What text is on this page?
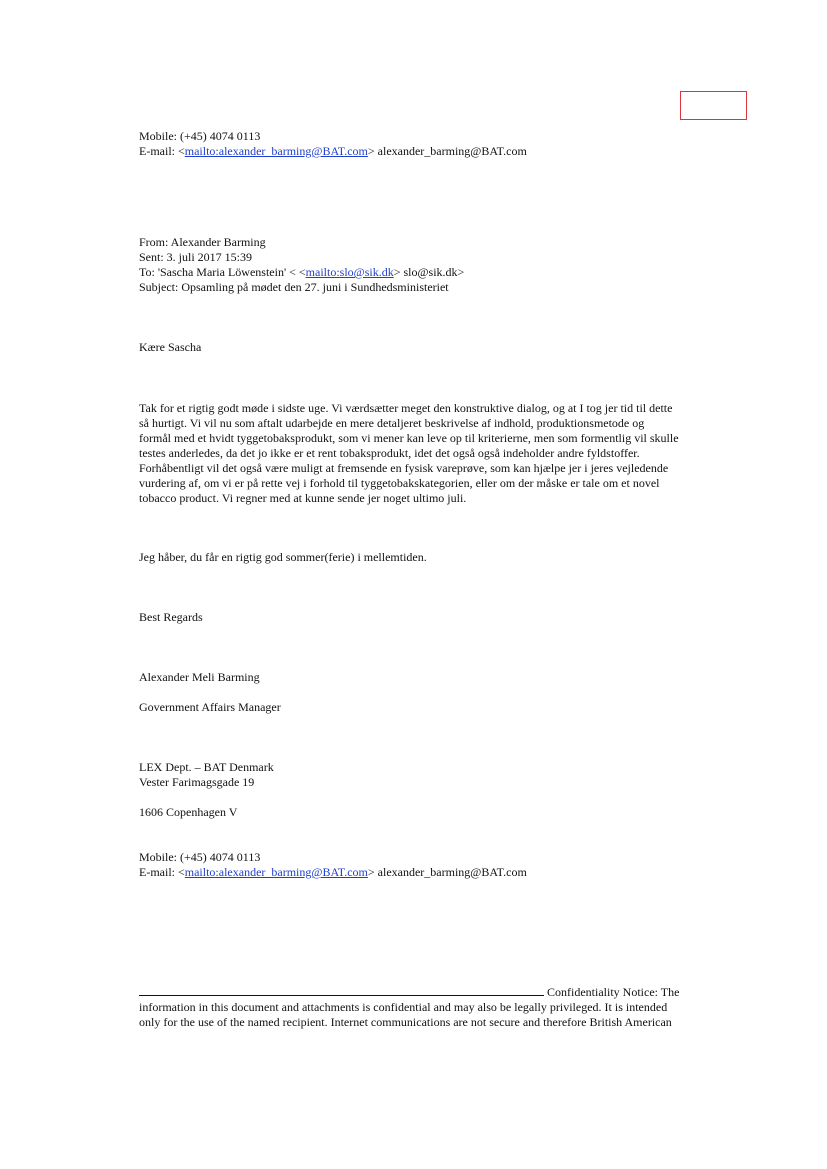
Mobile: (+45) 4074 0113
E-mail: <mailto:alexander_barming@BAT.com> alexander_barming@BAT.com
From: Alexander Barming
Sent: 3. juli 2017 15:39
To: 'Sascha Maria Löwenstein' < <mailto:slo@sik.dk> slo@sik.dk>
Subject: Opsamling på mødet den 27. juni i Sundhedsministeriet
Kære Sascha
Tak for et rigtig godt møde i sidste uge. Vi værdsætter meget den konstruktive dialog, og at I tog jer tid til dette
så hurtigt. Vi vil nu som aftalt udarbejde en mere detaljeret beskrivelse af indhold, produktionsmetode og
formål med et hvidt tyggetobaksprodukt, som vi mener kan leve op til kriterierne, men som formentlig vil skulle
testes anderledes, da det jo ikke er et rent tobaksprodukt, idet det også også indeholder andre fyldstoffer.
Forhåbentligt vil det også være muligt at fremsende en fysisk vareprøve, som kan hjælpe jer i jeres vejledende
vurdering af, om vi er på rette vej i forhold til tyggetobakskategorien, eller om der måske er tale om et novel
tobacco product. Vi regner med at kunne sende jer noget ultimo juli.
Jeg håber, du får en rigtig god sommer(ferie) i mellemtiden.
Best Regards
Alexander Meli Barming
Government Affairs Manager
LEX Dept. – BAT Denmark
Vester Farimagsgade 19
1606 Copenhagen V
Mobile: (+45) 4074 0113
E-mail: <mailto:alexander_barming@BAT.com> alexander_barming@BAT.com
Confidentiality Notice: The
information in this document and attachments is confidential and may also be legally privileged. It is intended
only for the use of the named recipient. Internet communications are not secure and therefore British American
